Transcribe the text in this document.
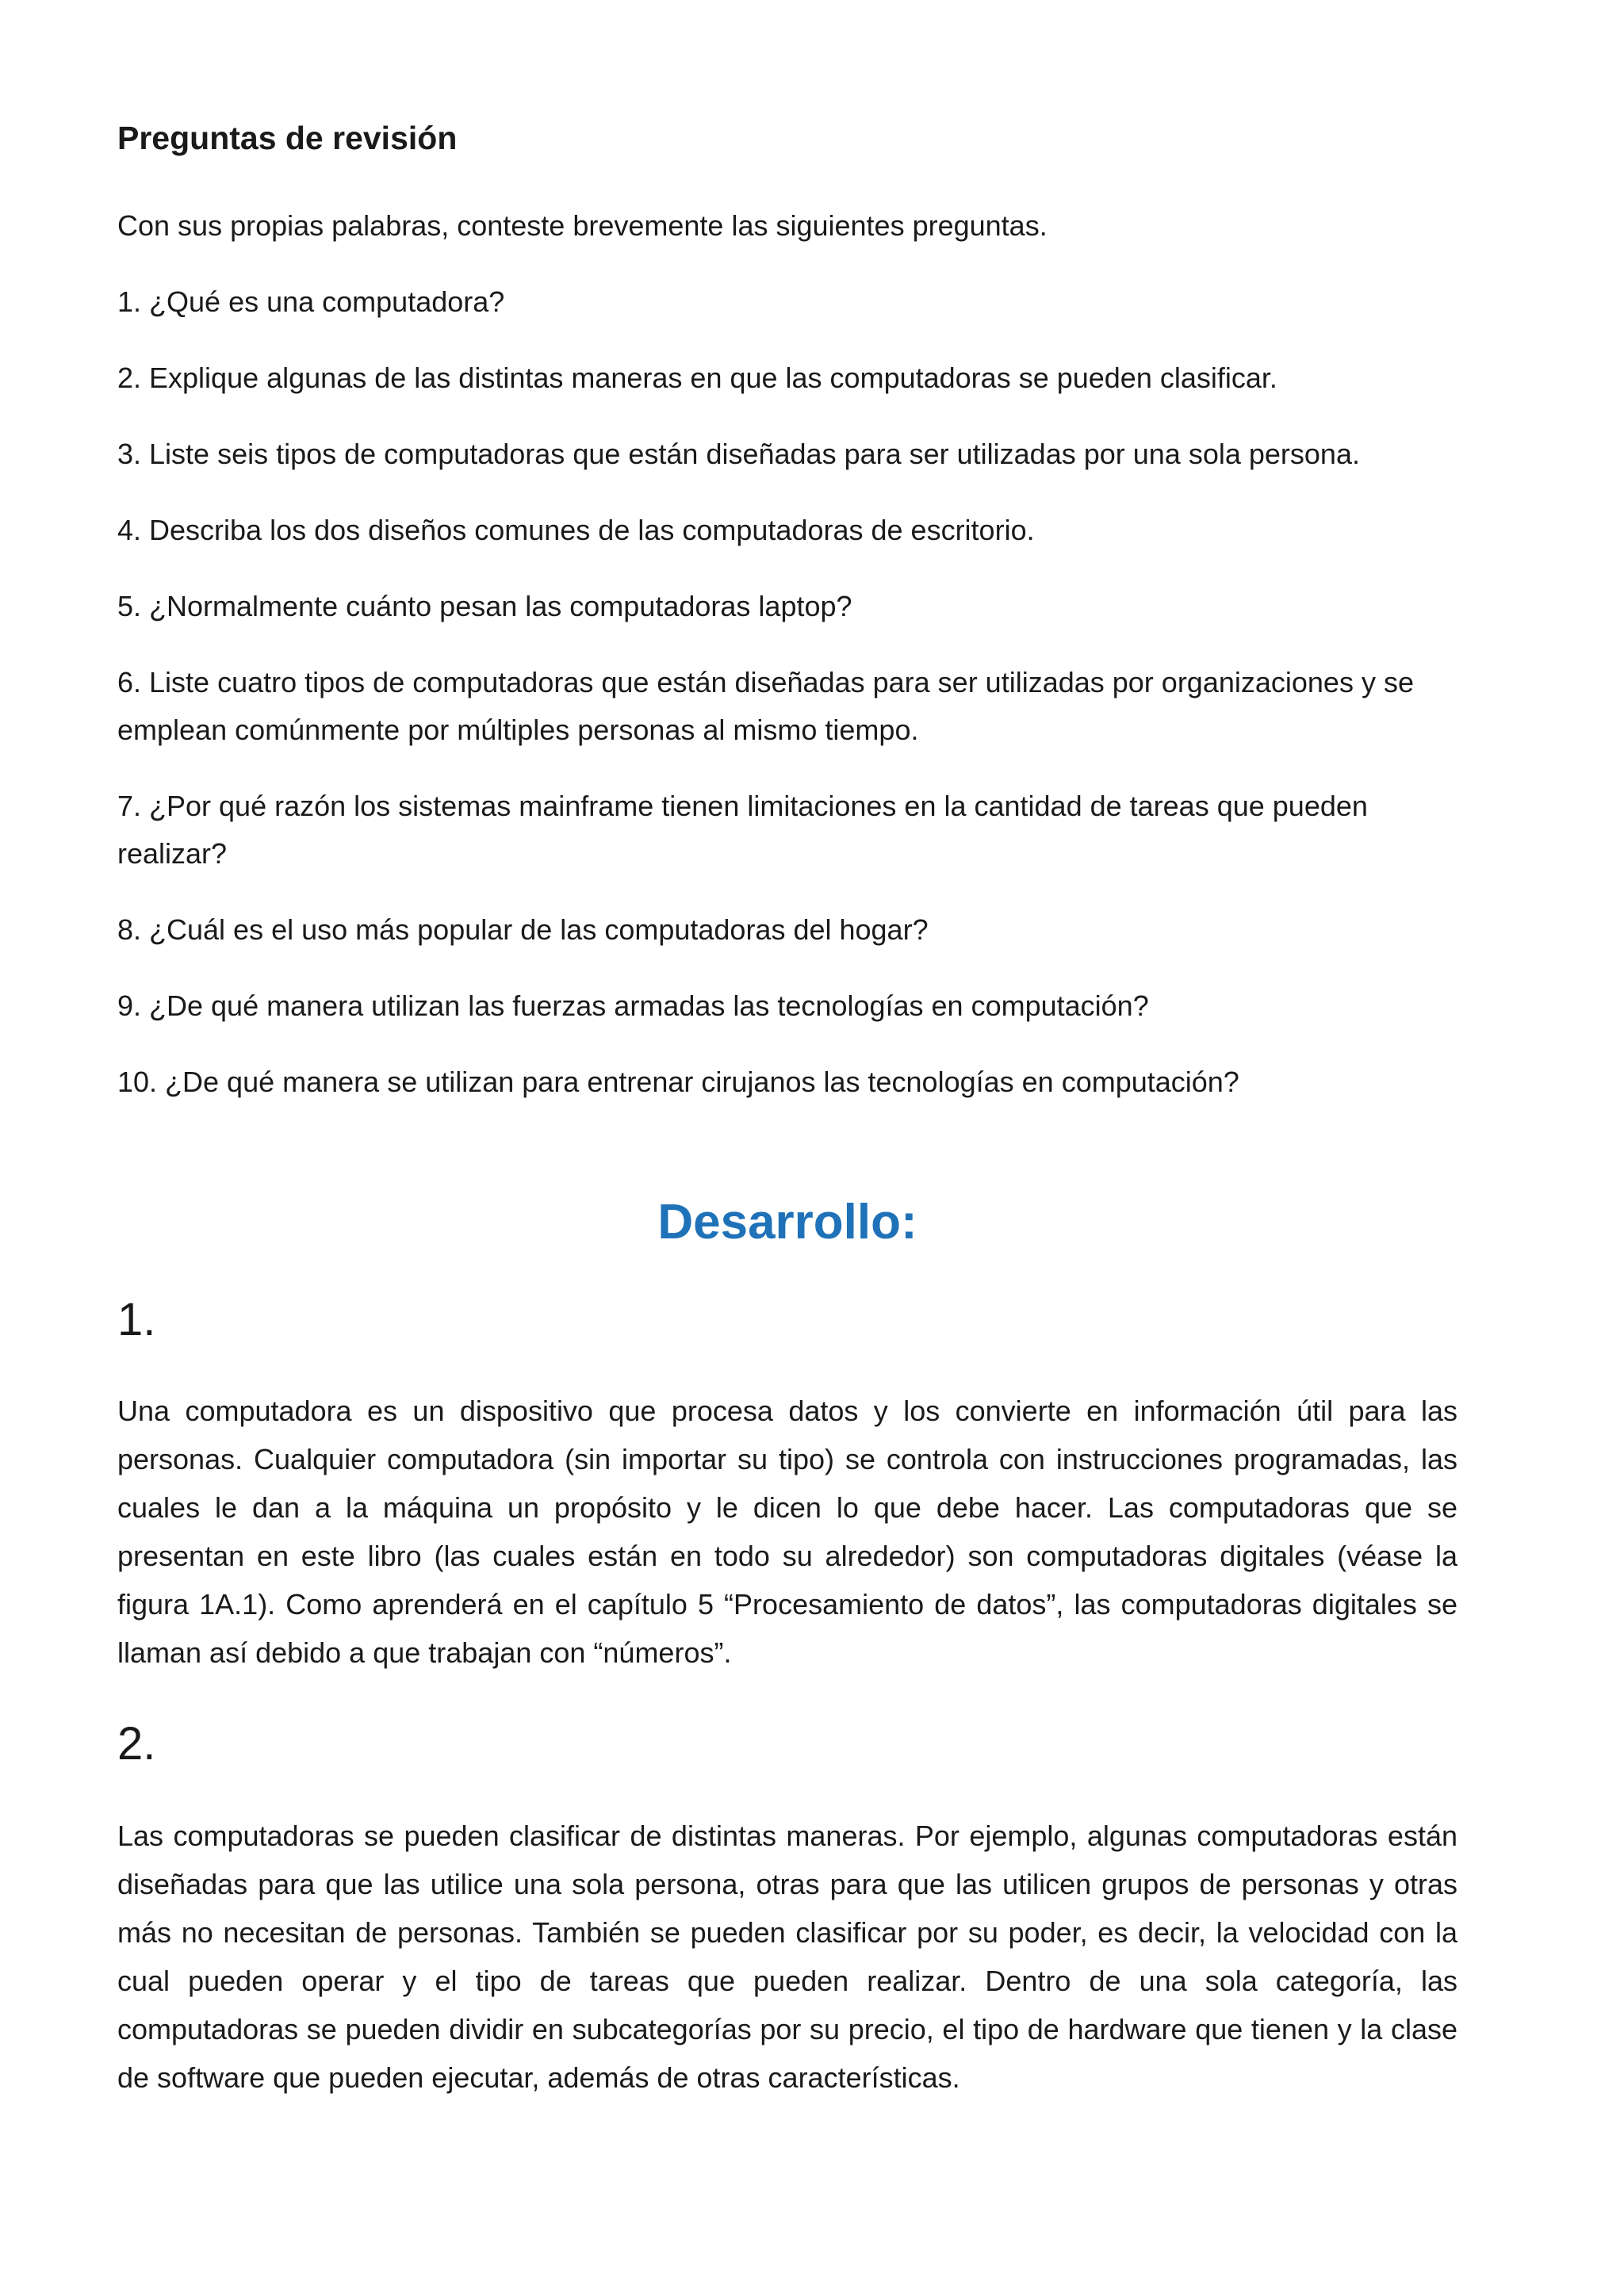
Preguntas de revisión

Con sus propias palabras, conteste brevemente las siguientes preguntas.

1. ¿Qué es una computadora?

2. Explique algunas de las distintas maneras en que las computadoras se pueden clasificar.

3. Liste seis tipos de computadoras que están diseñadas para ser utilizadas por una sola persona.

4. Describa los dos diseños comunes de las computadoras de escritorio.

5. ¿Normalmente cuánto pesan las computadoras laptop?

6. Liste cuatro tipos de computadoras que están diseñadas para ser utilizadas por organizaciones y se emplean comúnmente por múltiples personas al mismo tiempo.

7. ¿Por qué razón los sistemas mainframe tienen limitaciones en la cantidad de tareas que pueden realizar?

8. ¿Cuál es el uso más popular de las computadoras del hogar?

9. ¿De qué manera utilizan las fuerzas armadas las tecnologías en computación?

10. ¿De qué manera se utilizan para entrenar cirujanos las tecnologías en computación?

Desarrollo:
1.

Una computadora es un dispositivo que procesa datos y los convierte en información útil para las personas. Cualquier computadora (sin importar su tipo) se controla con instrucciones programadas, las cuales le dan a la máquina un propósito y le dicen lo que debe hacer. Las computadoras que se presentan en este libro (las cuales están en todo su alrededor) son computadoras digitales (véase la figura 1A.1). Como aprenderá en el capítulo 5 “Procesamiento de datos”, las computadoras digitales se llaman así debido a que trabajan con “números”.

2.

Las computadoras se pueden clasificar de distintas maneras. Por ejemplo, algunas computadoras están diseñadas para que las utilice una sola persona, otras para que las utilicen grupos de personas y otras más no necesitan de personas. También se pueden clasificar por su poder, es decir, la velocidad con la cual pueden operar y el tipo de tareas que pueden realizar. Dentro de una sola categoría, las computadoras se pueden dividir en subcategorías por su precio, el tipo de hardware que tienen y la clase de software que pueden ejecutar, además de otras características.
